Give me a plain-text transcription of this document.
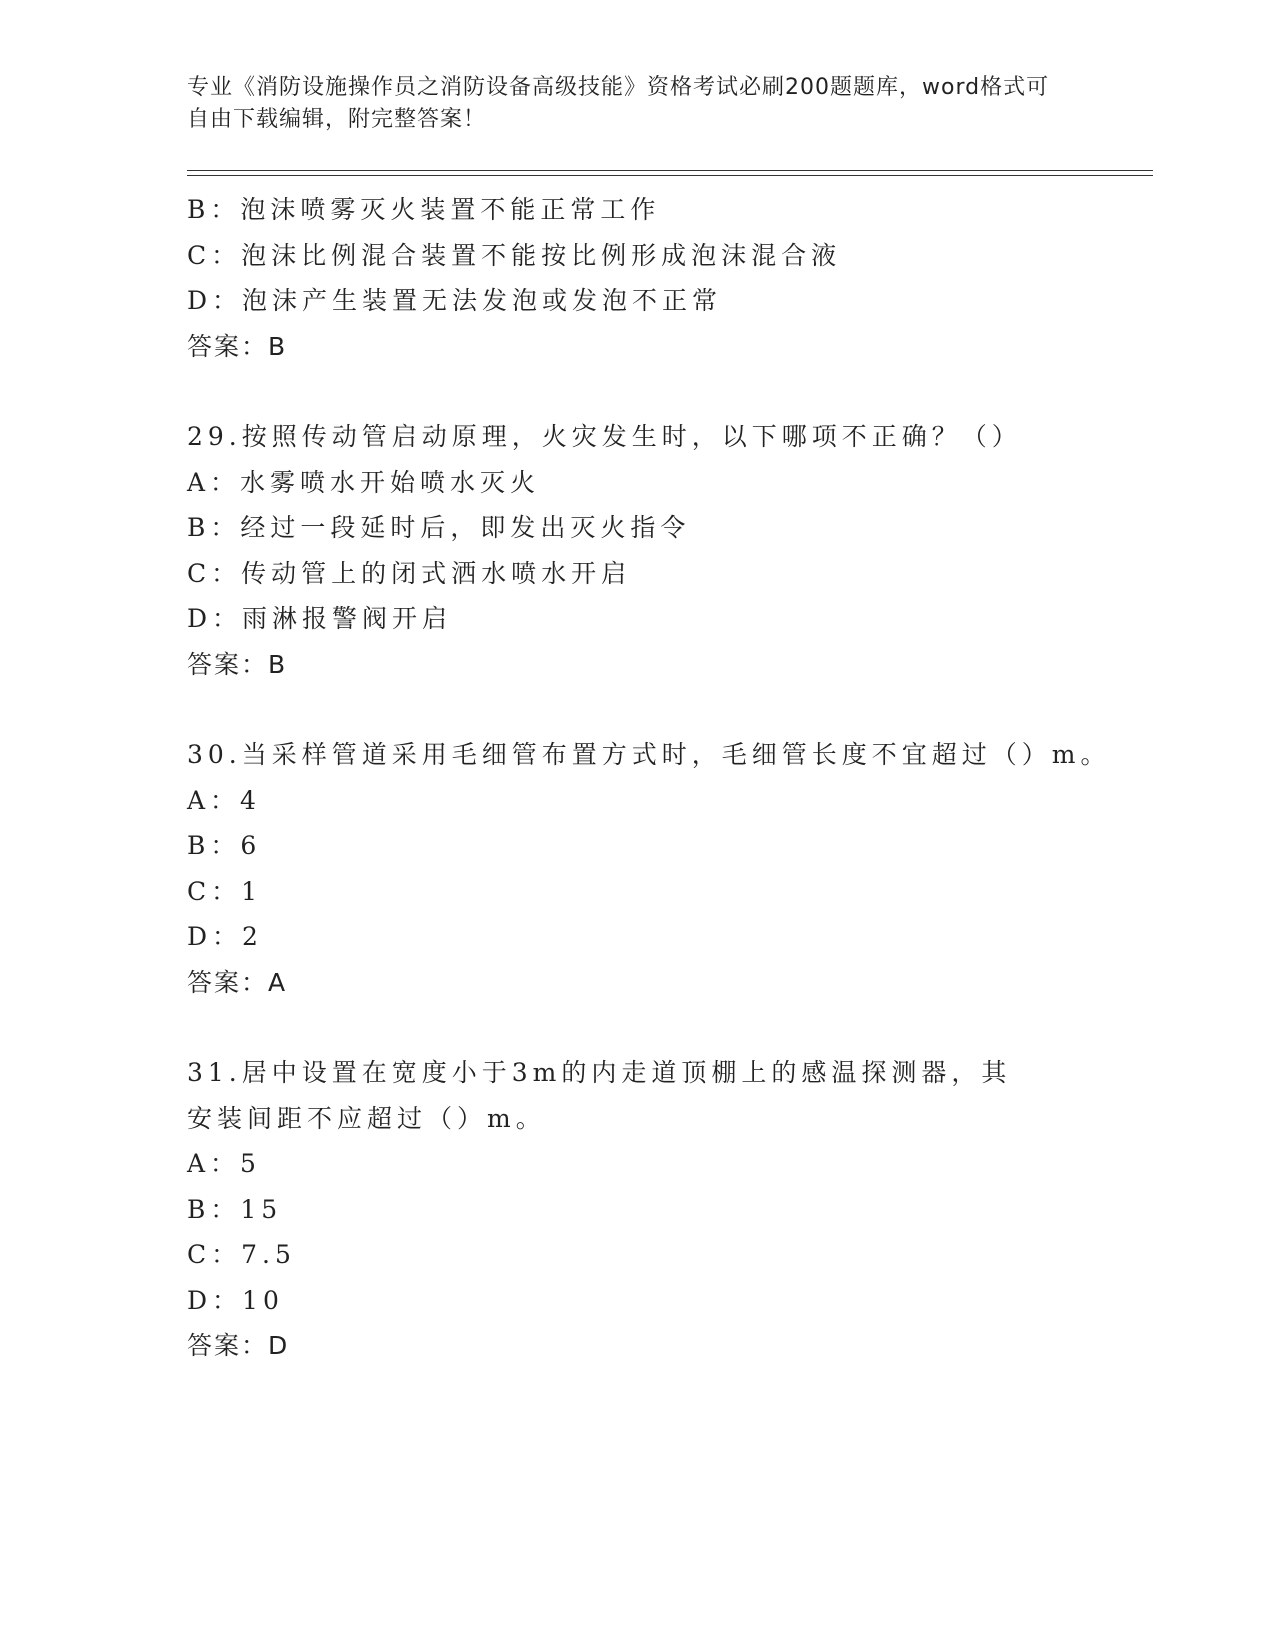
专业《消防设施操作员之消防设备高级技能》资格考试必刷200题题库，word格式可自由下载编辑，附完整答案！
B：泡沫喷雾灭火装置不能正常工作
C：泡沫比例混合装置不能按比例形成泡沫混合液
D：泡沫产生装置无法发泡或发泡不正常
答案：B
29.按照传动管启动原理，火灾发生时，以下哪项不正确？（）
A：水雾喷水开始喷水灭火
B：经过一段延时后，即发出灭火指令
C：传动管上的闭式洒水喷水开启
D：雨淋报警阀开启
答案：B
30.当采样管道采用毛细管布置方式时，毛细管长度不宜超过（）m。
A：4
B：6
C：1
D：2
答案：A
31.居中设置在宽度小于3m的内走道顶棚上的感温探测器，其安装间距不应超过（）m。
A：5
B：15
C：7.5
D：10
答案：D
